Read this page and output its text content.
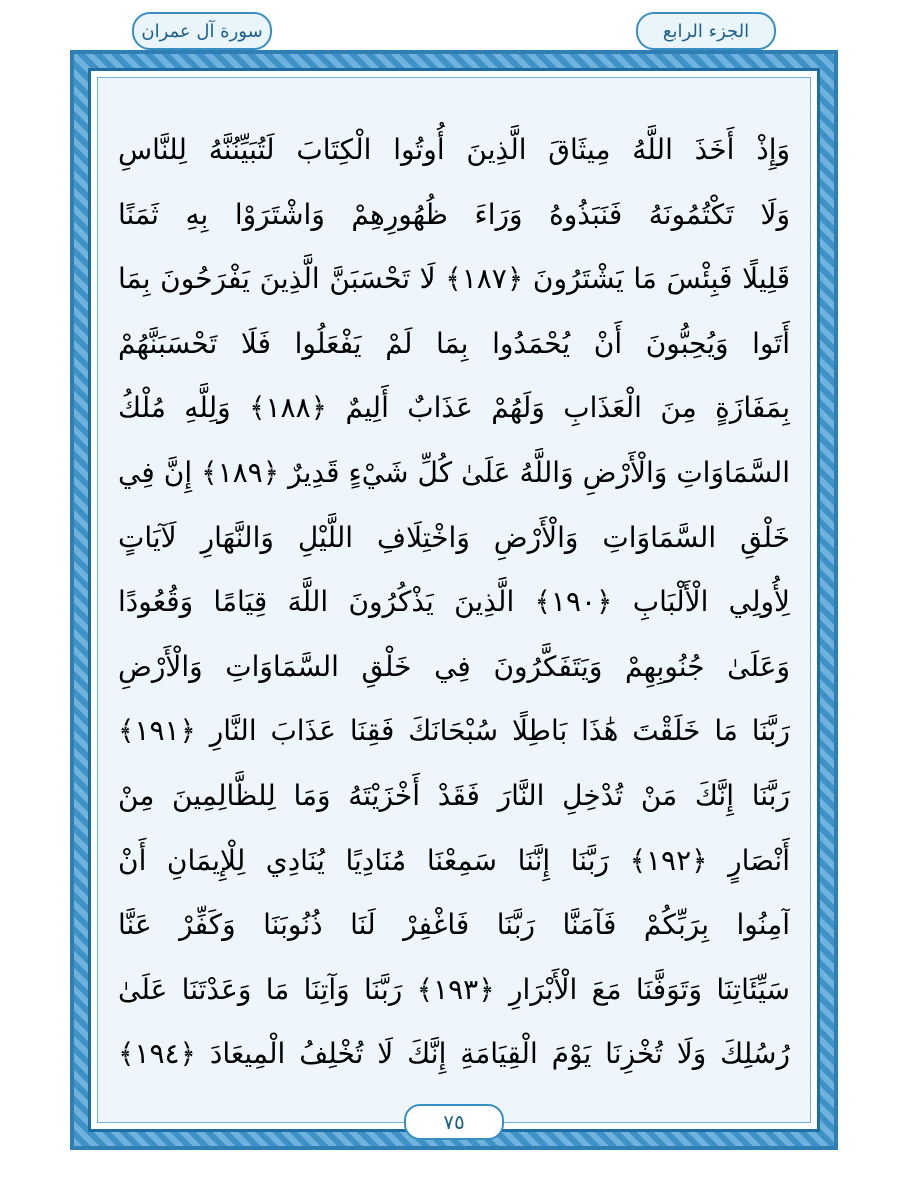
الجزء الرابع
سورة آل عمران
وَإِذْ أَخَذَ اللَّهُ مِيثَاقَ الَّذِينَ أُوتُوا الْكِتَابَ لَتُبَيِّنُنَّهُ لِلنَّاسِ
وَلَا تَكْتُمُونَهُ فَنَبَذُوهُ وَرَاءَ ظُهُورِهِمْ وَاشْتَرَوْا بِهِ ثَمَنًا
قَلِيلًا فَبِئْسَ مَا يَشْتَرُونَ ﴿١٨٧﴾ لَا تَحْسَبَنَّ الَّذِينَ يَفْرَحُونَ بِمَا
أَتَوا وَيُحِبُّونَ أَنْ يُحْمَدُوا بِمَا لَمْ يَفْعَلُوا فَلَا تَحْسَبَنَّهُمْ
بِمَفَازَةٍ مِنَ الْعَذَابِ وَلَهُمْ عَذَابٌ أَلِيمٌ ﴿١٨٨﴾ وَلِلَّهِ مُلْكُ
السَّمَاوَاتِ وَالْأَرْضِ وَاللَّهُ عَلَىٰ كُلِّ شَيْءٍ قَدِيرٌ ﴿١٨٩﴾ إِنَّ فِي
خَلْقِ السَّمَاوَاتِ وَالْأَرْضِ وَاخْتِلَافِ اللَّيْلِ وَالنَّهَارِ لَآيَاتٍ
لِأُولِي الْأَلْبَابِ ﴿١٩٠﴾ الَّذِينَ يَذْكُرُونَ اللَّهَ قِيَامًا وَقُعُودًا
وَعَلَىٰ جُنُوبِهِمْ وَيَتَفَكَّرُونَ فِي خَلْقِ السَّمَاوَاتِ وَالْأَرْضِ
رَبَّنَا مَا خَلَقْتَ هَٰذَا بَاطِلًا سُبْحَانَكَ فَقِنَا عَذَابَ النَّارِ ﴿١٩١﴾
رَبَّنَا إِنَّكَ مَنْ تُدْخِلِ النَّارَ فَقَدْ أَخْزَيْتَهُ وَمَا لِلظَّالِمِينَ مِنْ
أَنْصَارٍ ﴿١٩٢﴾ رَبَّنَا إِنَّنَا سَمِعْنَا مُنَادِيًا يُنَادِي لِلْإِيمَانِ أَنْ
آمِنُوا بِرَبِّكُمْ فَآمَنَّا رَبَّنَا فَاغْفِرْ لَنَا ذُنُوبَنَا وَكَفِّرْ عَنَّا
سَيِّئَاتِنَا وَتَوَفَّنَا مَعَ الْأَبْرَارِ ﴿١٩٣﴾ رَبَّنَا وَآتِنَا مَا وَعَدْتَنَا عَلَىٰ
رُسُلِكَ وَلَا تُخْزِنَا يَوْمَ الْقِيَامَةِ إِنَّكَ لَا تُخْلِفُ الْمِيعَادَ ﴿١٩٤﴾
٧٥
